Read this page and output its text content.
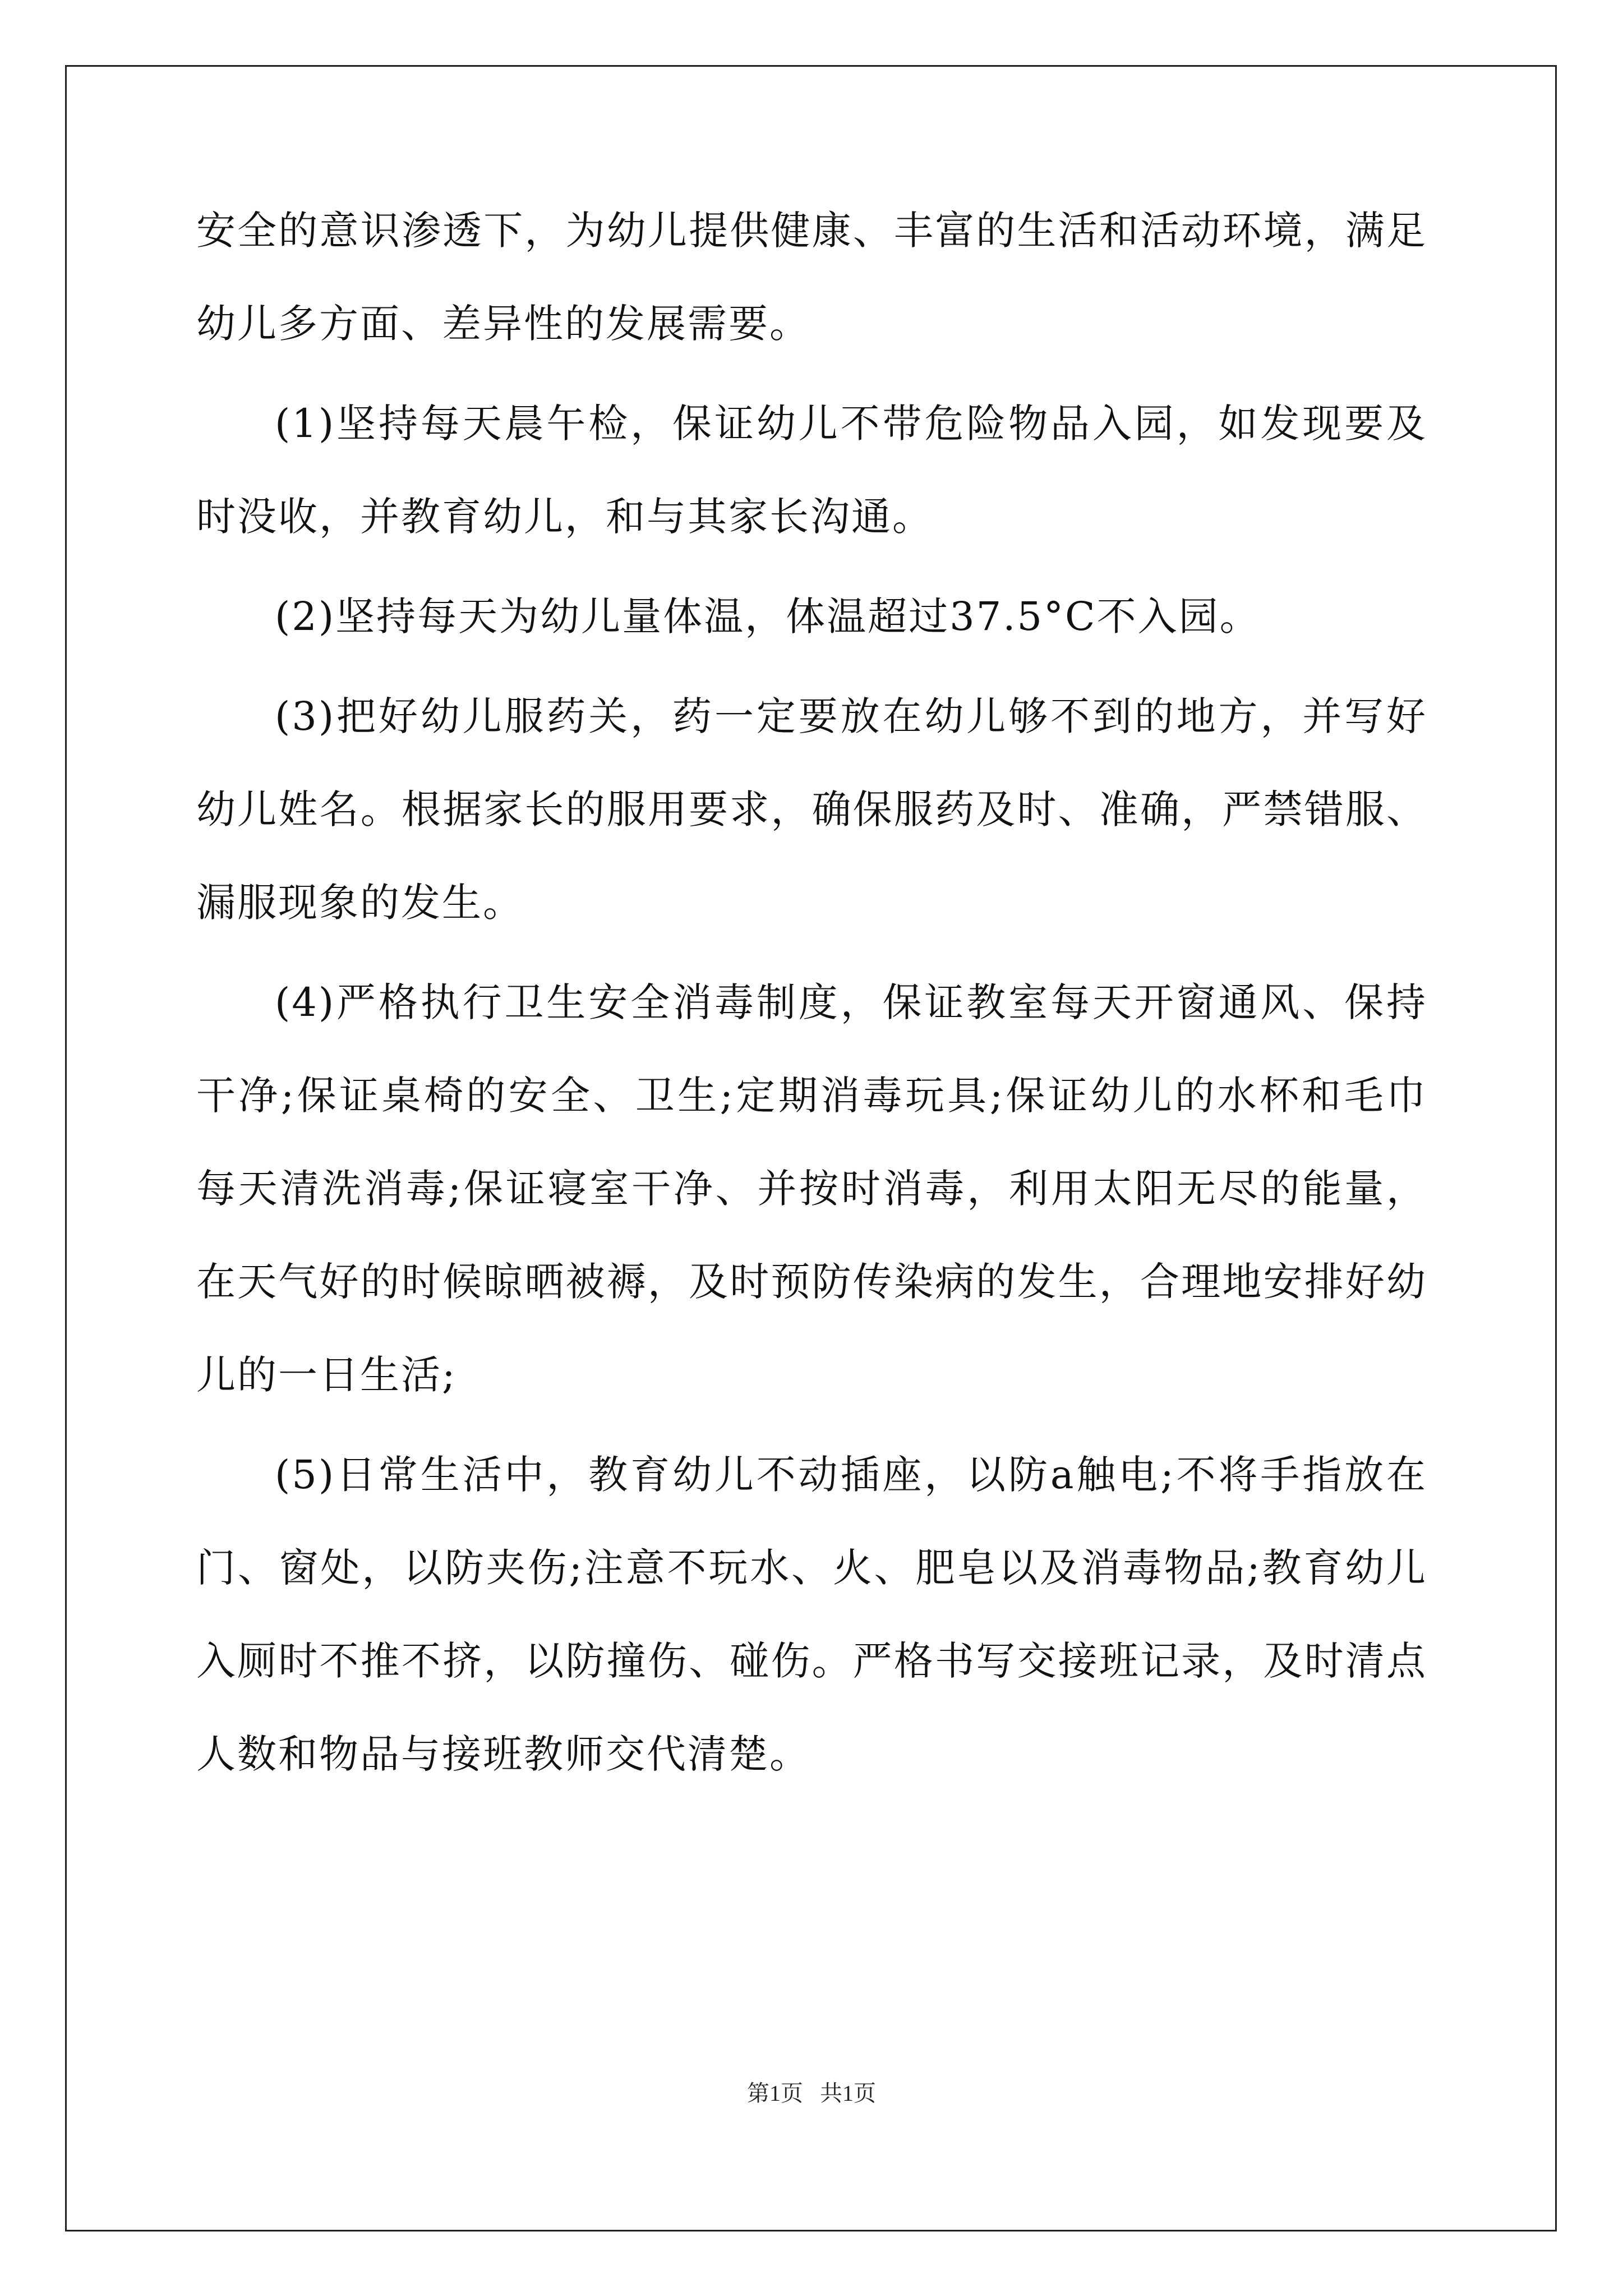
安全的意识渗透下，为幼儿提供健康、丰富的生活和活动环境，满足幼儿多方面、差异性的发展需要。

(1)坚持每天晨午检，保证幼儿不带危险物品入园，如发现要及时没收，并教育幼儿，和与其家长沟通。

(2)坚持每天为幼儿量体温，体温超过37.5°C不入园。

(3)把好幼儿服药关，药一定要放在幼儿够不到的地方，并写好幼儿姓名。根据家长的服用要求，确保服药及时、准确，严禁错服、漏服现象的发生。

(4)严格执行卫生安全消毒制度，保证教室每天开窗通风、保持干净;保证桌椅的安全、卫生;定期消毒玩具;保证幼儿的水杯和毛巾每天清洗消毒;保证寝室干净、并按时消毒，利用太阳无尽的能量，在天气好的时候晾晒被褥，及时预防传染病的发生，合理地安排好幼儿的一日生活;

(5)日常生活中，教育幼儿不动插座，以防a触电;不将手指放在门、窗处，以防夹伤;注意不玩水、火、肥皂以及消毒物品;教育幼儿入厕时不推不挤，以防撞伤、碰伤。严格书写交接班记录，及时清点人数和物品与接班教师交代清楚。

第1页   共1页
